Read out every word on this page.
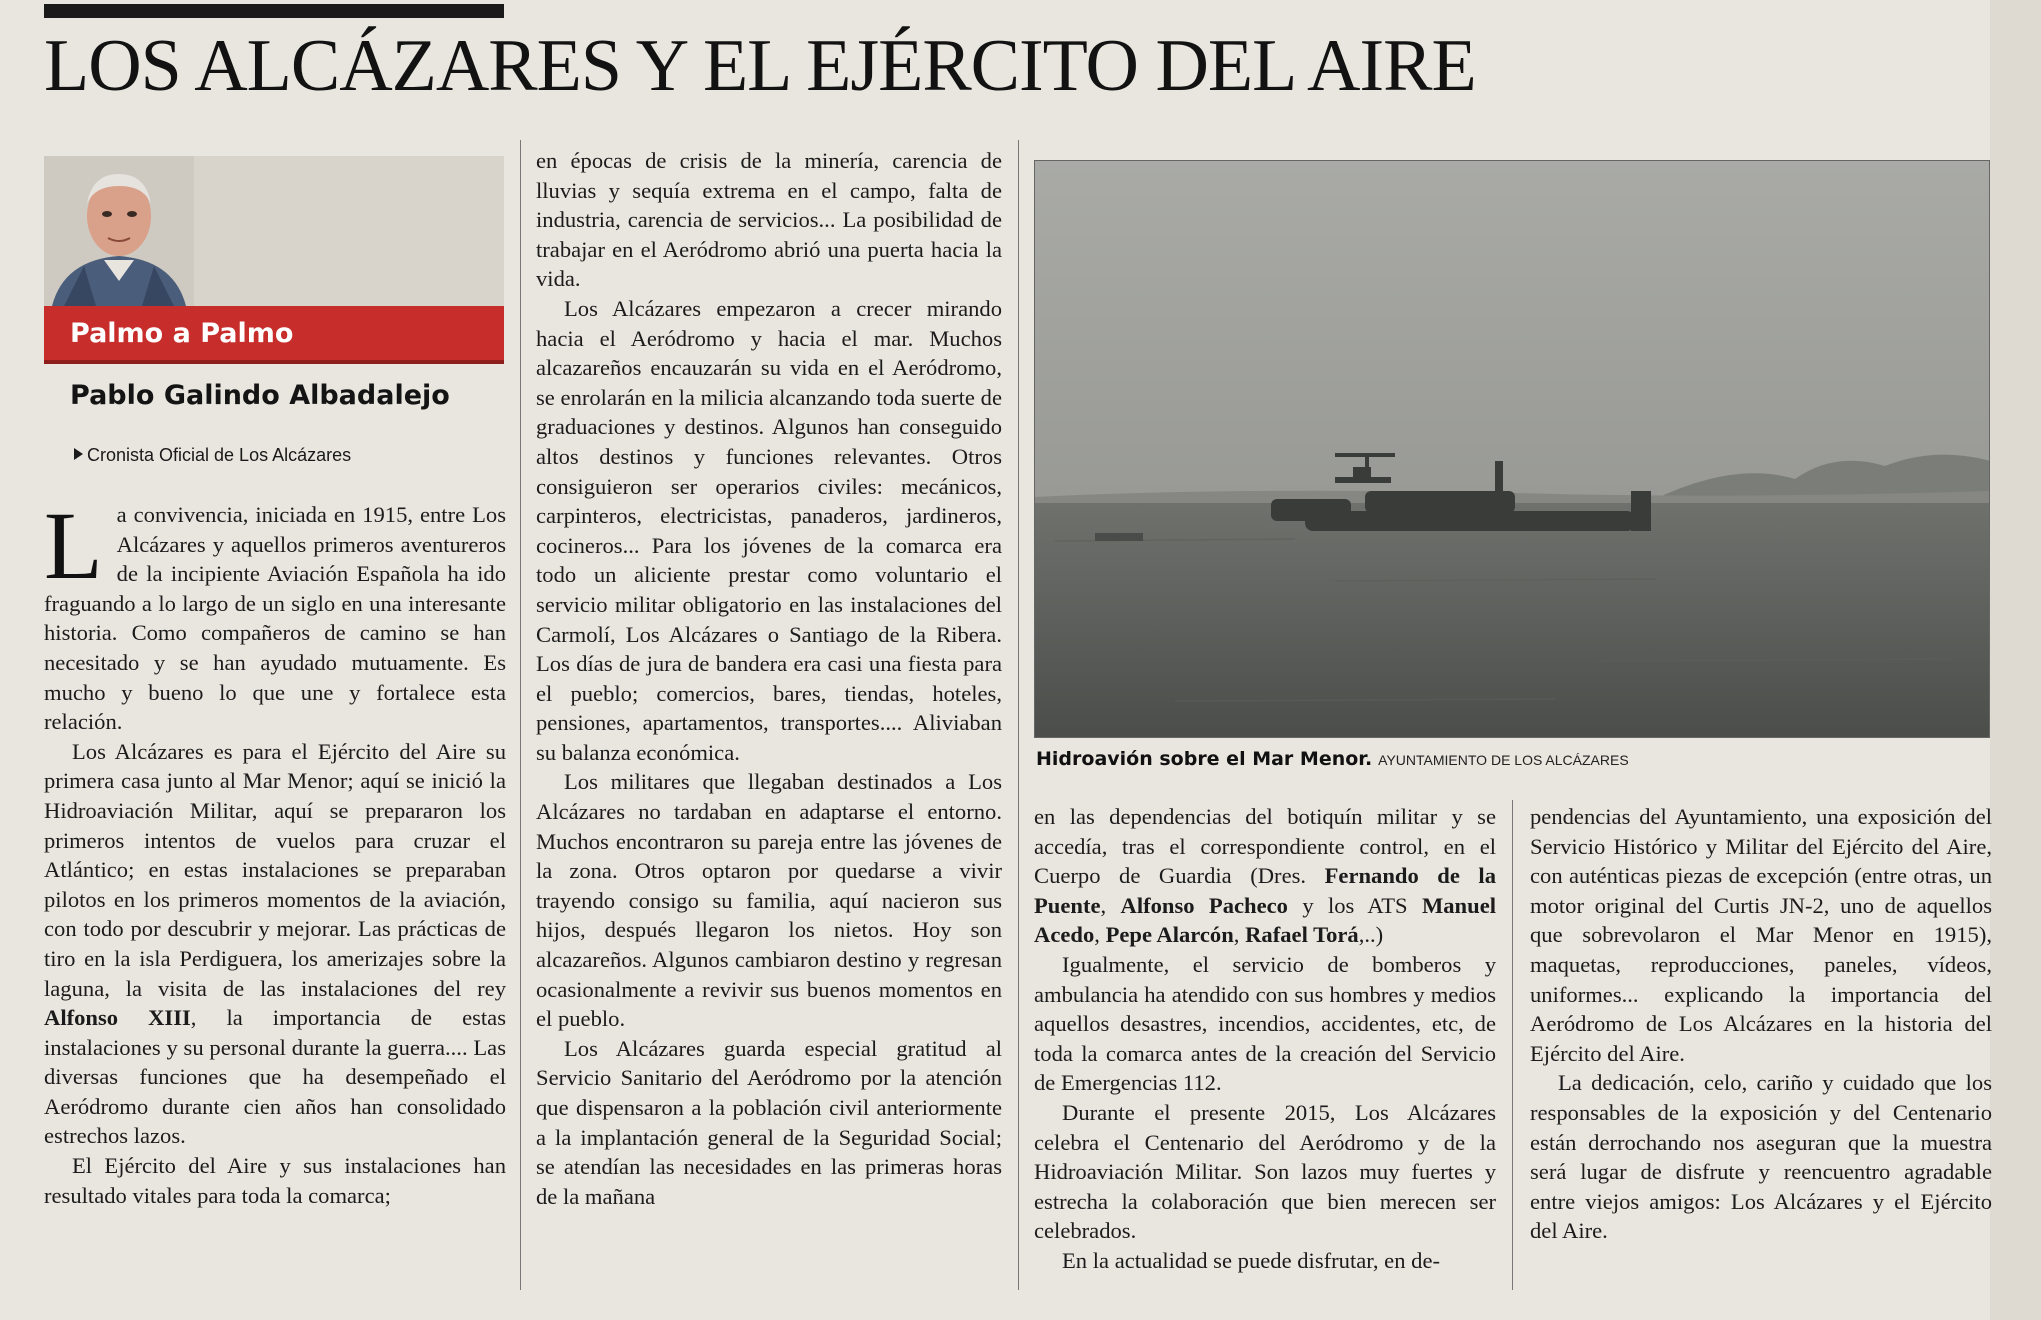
LOS ALCÁZARES Y EL EJÉRCITO DEL AIRE
Palmo a Palmo
Pablo Galindo Albadalejo
Cronista Oficial de Los Alcázares

La convivencia, iniciada en 1915, entre Los Alcázares y aquellos primeros aventureros de la incipiente Aviación Española ha ido fraguando a lo largo de un siglo en una interesante historia. Como compañeros de camino se han necesitado y se han ayudado mutuamente. Es mucho y bueno lo que une y fortalece esta relación.

Los Alcázares es para el Ejército del Aire su primera casa junto al Mar Menor; aquí se inició la Hidroaviación Militar, aquí se prepararon los primeros intentos de vuelos para cruzar el Atlántico; en estas instalaciones se preparaban pilotos en los primeros momentos de la aviación, con todo por descubrir y mejorar. Las prácticas de tiro en la isla Perdiguera, los amerizajes sobre la laguna, la visita de las instalaciones del rey Alfonso XIII, la importancia de estas instalaciones y su personal durante la guerra.... Las diversas funciones que ha desempeñado el Aeródromo durante cien años han consolidado estrechos lazos.

El Ejército del Aire y sus instalaciones han resultado vitales para toda la comarca;

en épocas de crisis de la minería, carencia de lluvias y sequía extrema en el campo, falta de industria, carencia de servicios... La posibilidad de trabajar en el Aeródromo abrió una puerta hacia la vida.

Los Alcázares empezaron a crecer mirando hacia el Aeródromo y hacia el mar. Muchos alcazareños encauzarán su vida en el Aeródromo, se enrolarán en la milicia alcanzando toda suerte de graduaciones y destinos. Algunos han conseguido altos destinos y funciones relevantes. Otros consiguieron ser operarios civiles: mecánicos, carpinteros, electricistas, panaderos, jardineros, cocineros... Para los jóvenes de la comarca era todo un aliciente prestar como voluntario el servicio militar obligatorio en las instalaciones del Carmolí, Los Alcázares o Santiago de la Ribera. Los días de jura de bandera era casi una fiesta para el pueblo; comercios, bares, tiendas, hoteles, pensiones, apartamentos, transportes.... Aliviaban su balanza económica.

Los militares que llegaban destinados a Los Alcázares no tardaban en adaptarse el entorno. Muchos encontraron su pareja entre las jóvenes de la zona. Otros optaron por quedarse a vivir trayendo consigo su familia, aquí nacieron sus hijos, después llegaron los nietos. Hoy son alcazareños. Algunos cambiaron destino y regresan ocasionalmente a revivir sus buenos momentos en el pueblo.

Los Alcázares guarda especial gratitud al Servicio Sanitario del Aeródromo por la atención que dispensaron a la población civil anteriormente a la implantación general de la Seguridad Social; se atendían las necesidades en las primeras horas de la mañana

Hidroavión sobre el Mar Menor. AYUNTAMIENTO DE LOS ALCÁZARES

en las dependencias del botiquín militar y se accedía, tras el correspondiente control, en el Cuerpo de Guardia (Dres. Fernando de la Puente, Alfonso Pacheco y los ATS Manuel Acedo, Pepe Alarcón, Rafael Torá,..)

Igualmente, el servicio de bomberos y ambulancia ha atendido con sus hombres y medios aquellos desastres, incendios, accidentes, etc, de toda la comarca antes de la creación del Servicio de Emergencias 112.

Durante el presente 2015, Los Alcázares celebra el Centenario del Aeródromo y de la Hidroaviación Militar. Son lazos muy fuertes y estrecha la colaboración que bien merecen ser celebrados.

En la actualidad se puede disfrutar, en de-

pendencias del Ayuntamiento, una exposición del Servicio Histórico y Militar del Ejército del Aire, con auténticas piezas de excepción (entre otras, un motor original del Curtis JN-2, uno de aquellos que sobrevolaron el Mar Menor en 1915), maquetas, reproducciones, paneles, vídeos, uniformes... explicando la importancia del Aeródromo de Los Alcázares en la historia del Ejército del Aire.

La dedicación, celo, cariño y cuidado que los responsables de la exposición y del Centenario están derrochando nos aseguran que la muestra será lugar de disfrute y reencuentro agradable entre viejos amigos: Los Alcázares y el Ejército del Aire.
